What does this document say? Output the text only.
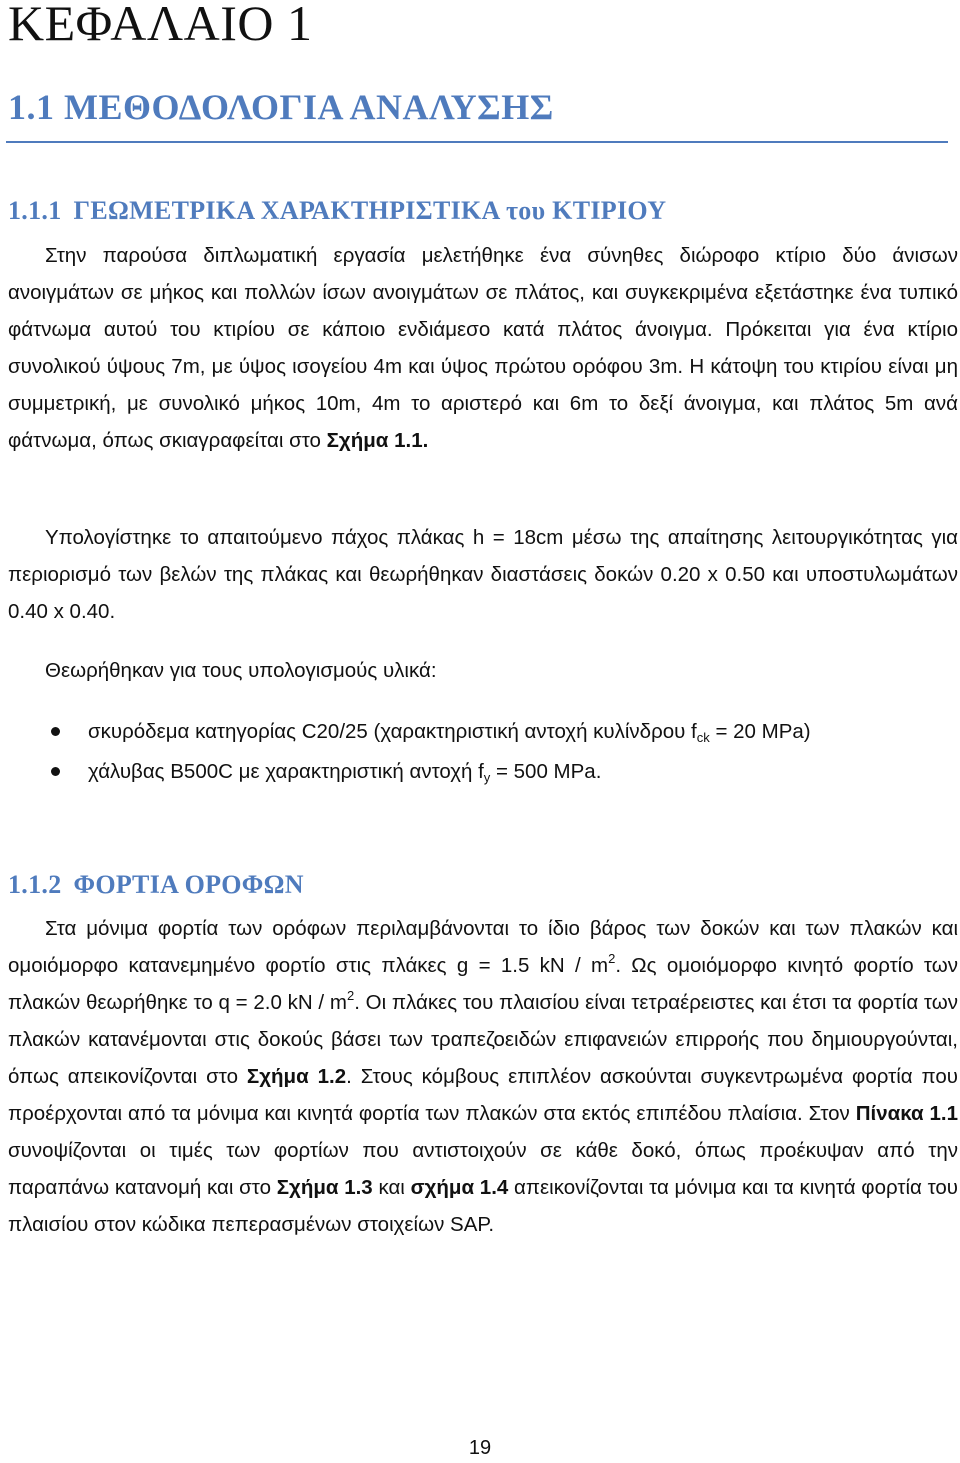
ΚΕΦΑΛΑΙΟ 1
1.1 ΜΕΘΟΔΟΛΟΓΙΑ ΑΝΑΛΥΣΗΣ
1.1.1 ΓΕΩΜΕΤΡΙΚΑ ΧΑΡΑΚΤΗΡΙΣΤΙΚΑ του ΚΤΙΡΙΟΥ

Στην παρούσα διπλωματική εργασία μελετήθηκε ένα σύνηθες διώροφο κτίριο δύο άνισων ανοιγμάτων σε μήκος και πολλών ίσων ανοιγμάτων σε πλάτος, και συγκεκριμένα εξετάστηκε ένα τυπικό φάτνωμα αυτού του κτιρίου σε κάποιο ενδιάμεσο κατά πλάτος άνοιγμα. Πρόκειται για ένα κτίριο συνολικού ύψους 7m, με ύψος ισογείου 4m και ύψος πρώτου ορόφου 3m. Η κάτοψη του κτιρίου είναι μη συμμετρική, με συνολικό μήκος 10m, 4m το αριστερό και 6m το δεξί άνοιγμα, και πλάτος 5m ανά φάτνωμα, όπως σκιαγραφείται στο Σχήμα 1.1.

Υπολογίστηκε το απαιτούμενο πάχος πλάκας h = 18cm μέσω της απαίτησης λειτουργικότητας για περιορισμό των βελών της πλάκας και θεωρήθηκαν διαστάσεις δοκών 0.20 x 0.50 και υποστυλωμάτων 0.40 x 0.40.

Θεωρήθηκαν για τους υπολογισμούς υλικά:

σκυρόδεμα κατηγορίας C20/25 (χαρακτηριστική αντοχή κυλίνδρου $f_{ck} = 20$ MPa)
χάλυβας B500C με χαρακτηριστική αντοχή $f_y = 500$ MPa.
1.1.2 ΦΟΡΤΙΑ ΟΡΟΦΩΝ

Στα μόνιμα φορτία των ορόφων περιλαμβάνονται το ίδιο βάρος των δοκών και των πλακών και ομοιόμορφο κατανεμημένο φορτίο στις πλάκες g = 1.5 kN / $m^2$. Ως ομοιόμορφο κινητό φορτίο των πλακών θεωρήθηκε το q = 2.0 kN / $m^2$. Οι πλάκες του πλαισίου είναι τετραέρειστες και έτσι τα φορτία των πλακών κατανέμονται στις δοκούς βάσει των τραπεζοειδών επιφανειών επιρροής που δημιουργούνται, όπως απεικονίζονται στο Σχήμα 1.2. Στους κόμβους επιπλέον ασκούνται συγκεντρωμένα φορτία που προέρχονται από τα μόνιμα και κινητά φορτία των πλακών στα εκτός επιπέδου πλαίσια. Στον Πίνακα 1.1 συνοψίζονται οι τιμές των φορτίων που αντιστοιχούν σε κάθε δοκό, όπως προέκυψαν από την παραπάνω κατανομή και στο Σχήμα 1.3 και σχήμα 1.4 απεικονίζονται τα μόνιμα και τα κινητά φορτία του πλαισίου στον κώδικα πεπερασμένων στοιχείων SAP.

19
